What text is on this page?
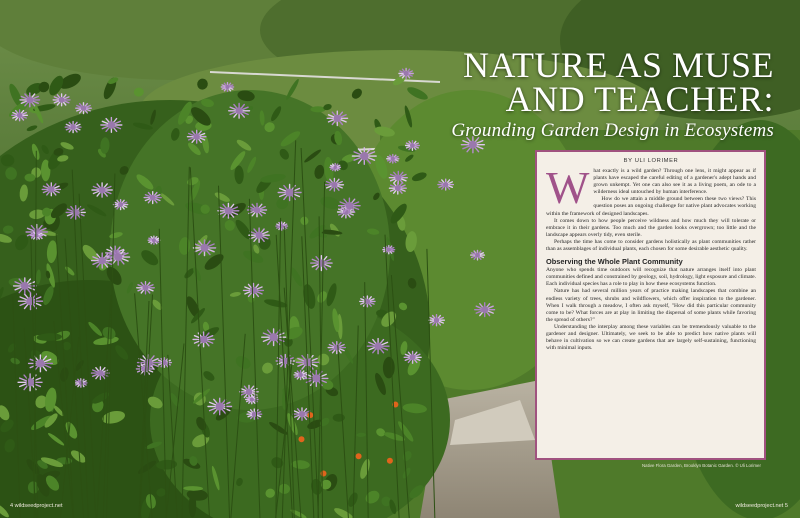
NATURE AS MUSE
AND TEACHER:
Grounding Garden Design in Ecosystems
BY ULI LORIMER

What exactly is a wild garden? Through one lens, it might appear as if plants have escaped the careful editing of a gardener's adept hands and grown unkempt. Yet one can also see it as a living poem, an ode to a wilderness ideal untouched by human interference.

How do we attain a middle ground between these two views? This question poses an ongoing challenge for native plant advocates working within the framework of designed landscapes.

It comes down to how people perceive wildness and how much they will tolerate or embrace it in their gardens. Too much and the garden looks overgrown; too little and the landscape appears overly tidy, even sterile.

Perhaps the time has come to consider gardens holistically as plant communities rather than as assemblages of individual plants, each chosen for some desirable aesthetic quality.

Observing the Whole Plant Community

Anyone who spends time outdoors will recognize that nature arranges itself into plant communities defined and constrained by geology, soil, hydrology, light exposure and climate. Each individual species has a role to play in how these ecosystems function.

Nature has had several million years of practice making landscapes that combine an endless variety of trees, shrubs and wildflowers, which offer inspiration to the gardener. When I walk through a meadow, I often ask myself, "How did this particular community come to be? What forces are at play in limiting the dispersal of some plants while favoring the spread of others?"

Understanding the interplay among these variables can be tremendously valuable to the gardener and designer. Ultimately, we seek to be able to predict how native plants will behave in cultivation so we can create gardens that are largely self-sustaining, functioning with minimal inputs.

Native Flora Garden, Brooklyn Botanic Garden. © Uli Lorimer
4 wildseedproject.net	wildseedproject.net 5
